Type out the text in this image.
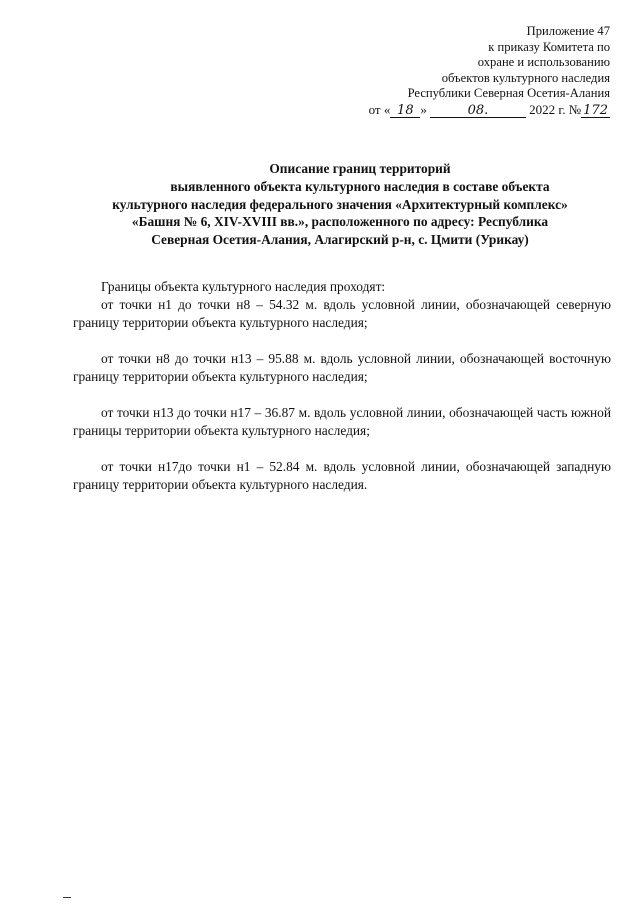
Приложение 47
к приказу Комитета по
охране и использованию
объектов культурного наследия
Республики Северная Осетия-Алания
от « 18 »	08.	2022 г. № 172
Описание границ территорий
выявленного объекта культурного наследия в составе объекта
культурного наследия федерального значения «Архитектурный комплекс»
«Башня № 6, XIV-XVIII вв.», расположенного по адресу: Республика
Северная Осетия-Алания, Алагирский р-н, с. Цмити (Урикау)

Границы объекта культурного наследия проходят:

от точки н1 до точки н8 – 54.32 м. вдоль условной линии, обозначающей северную границу территории объекта культурного наследия;

от точки н8 до точки н13 – 95.88 м. вдоль условной линии, обозначающей восточную границу территории объекта культурного наследия;

от точки н13 до точки н17 – 36.87 м. вдоль условной линии, обозначающей часть южной границы территории объекта культурного наследия;

от точки н17до точки н1 – 52.84 м. вдоль условной линии, обозначающей западную границу территории объекта культурного наследия.
